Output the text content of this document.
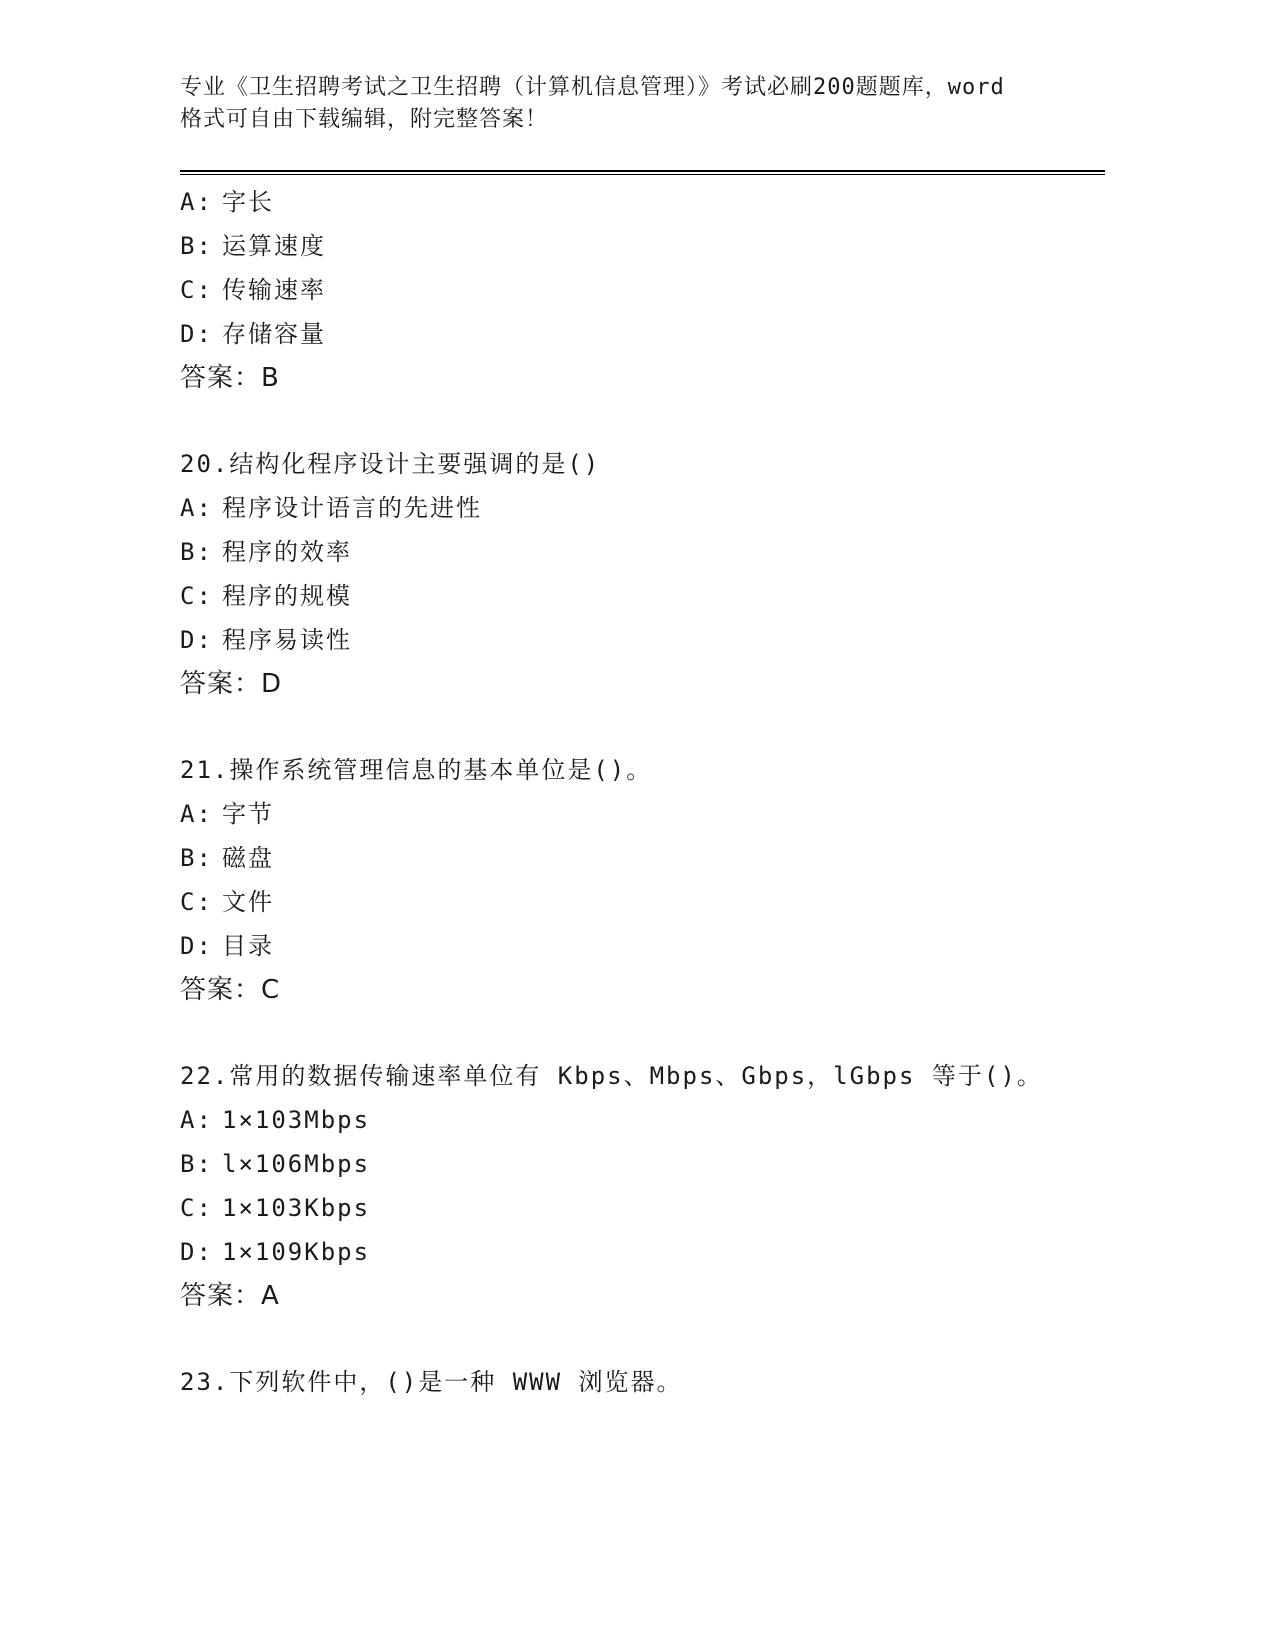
专业《卫生招聘考试之卫生招聘（计算机信息管理）》考试必刷200题题库，word
格式可自由下载编辑，附完整答案！
A: 字长
B: 运算速度
C: 传输速率
D: 存储容量
答案：B
20.结构化程序设计主要强调的是()
A: 程序设计语言的先进性
B: 程序的效率
C: 程序的规模
D: 程序易读性
答案：D
21.操作系统管理信息的基本单位是()。
A: 字节
B: 磁盘
C: 文件
D: 目录
答案：C
22.常用的数据传输速率单位有 Kbps、Mbps、Gbps，lGbps 等于()。
A: 1×103Mbps
B: l×106Mbps
C: 1×103Kbps
D: 1×109Kbps
答案：A
23.下列软件中，()是一种 WWW 浏览器。
